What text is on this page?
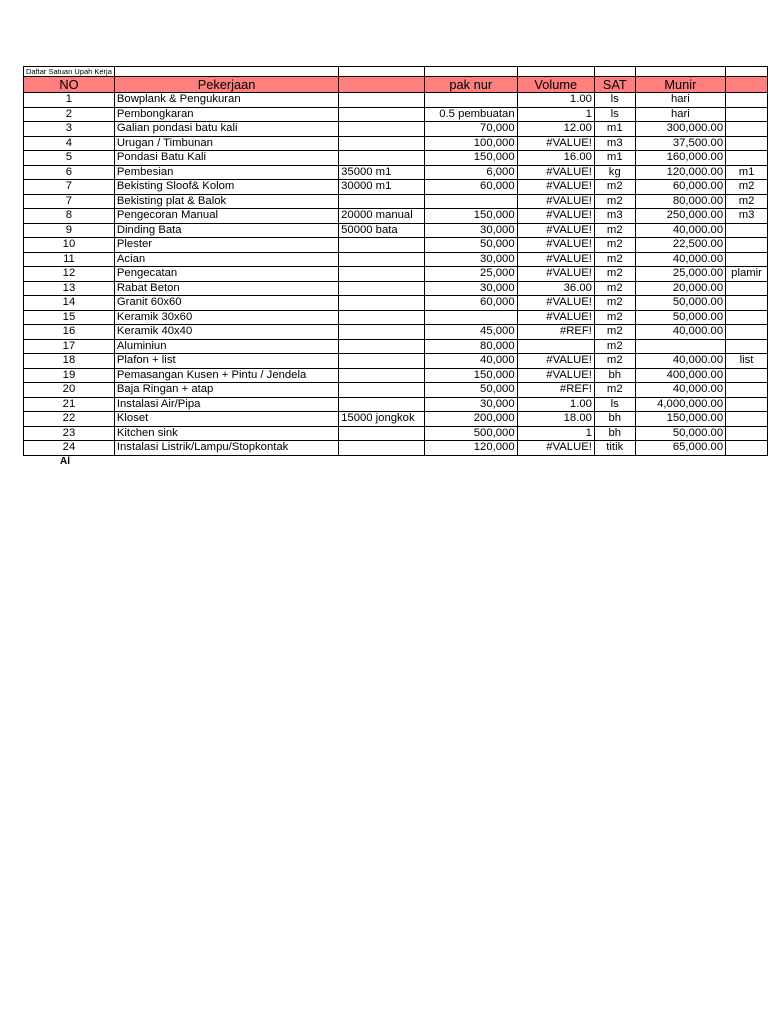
Daftar Satuan Upah Kerja							
NO	Pekerjaan		pak nur	Volume	SAT	Munir	
1	Bowplank & Pengukuran			1.00	ls	hari	
2	Pembongkaran		0.5 pembuatan	1	ls	hari	
3	Galian pondasi batu kali		70,000	12.00	m1	300,000.00	
4	Urugan / Timbunan		100,000	#VALUE!	m3	37,500.00	
5	Pondasi Batu Kali		150,000	16.00	m1	160,000.00	
6	Pembesian	35000 m1	6,000	#VALUE!	kg	120,000.00	m1
7	Bekisting Sloof& Kolom	30000 m1	60,000	#VALUE!	m2	60,000.00	m2
7	Bekisting plat & Balok			#VALUE!	m2	80,000.00	m2
8	Pengecoran Manual	20000 manual	150,000	#VALUE!	m3	250,000.00	m3
9	Dinding Bata	50000 bata	30,000	#VALUE!	m2	40,000.00	
10	Plester		50,000	#VALUE!	m2	22,500.00	
11	Acian		30,000	#VALUE!	m2	40,000.00	
12	Pengecatan		25,000	#VALUE!	m2	25,000.00	plamir
13	Rabat Beton		30,000	36.00	m2	20,000.00	
14	Granit 60x60		60,000	#VALUE!	m2	50,000.00	
15	Keramik 30x60			#VALUE!	m2	50,000.00	
16	Keramik 40x40		45,000	#REF!	m2	40,000.00	
17	Aluminiun		80,000		m2		
18	Plafon + list		40,000	#VALUE!	m2	40,000.00	list
19	Pemasangan Kusen + Pintu / Jendela		150,000	#VALUE!	bh	400,000.00	
20	Baja Ringan + atap		50,000	#REF!	m2	40,000.00	
21	Instalasi Air/Pipa		30,000	1.00	ls	4,000,000.00	
22	Kloset	15000 jongkok	200,000	18.00	bh	150,000.00	
23	Kitchen sink		500,000	1	bh	50,000.00	
24	Instalasi Listrik/Lampu/Stopkontak		120,000	#VALUE!	titik	65,000.00	
Al
